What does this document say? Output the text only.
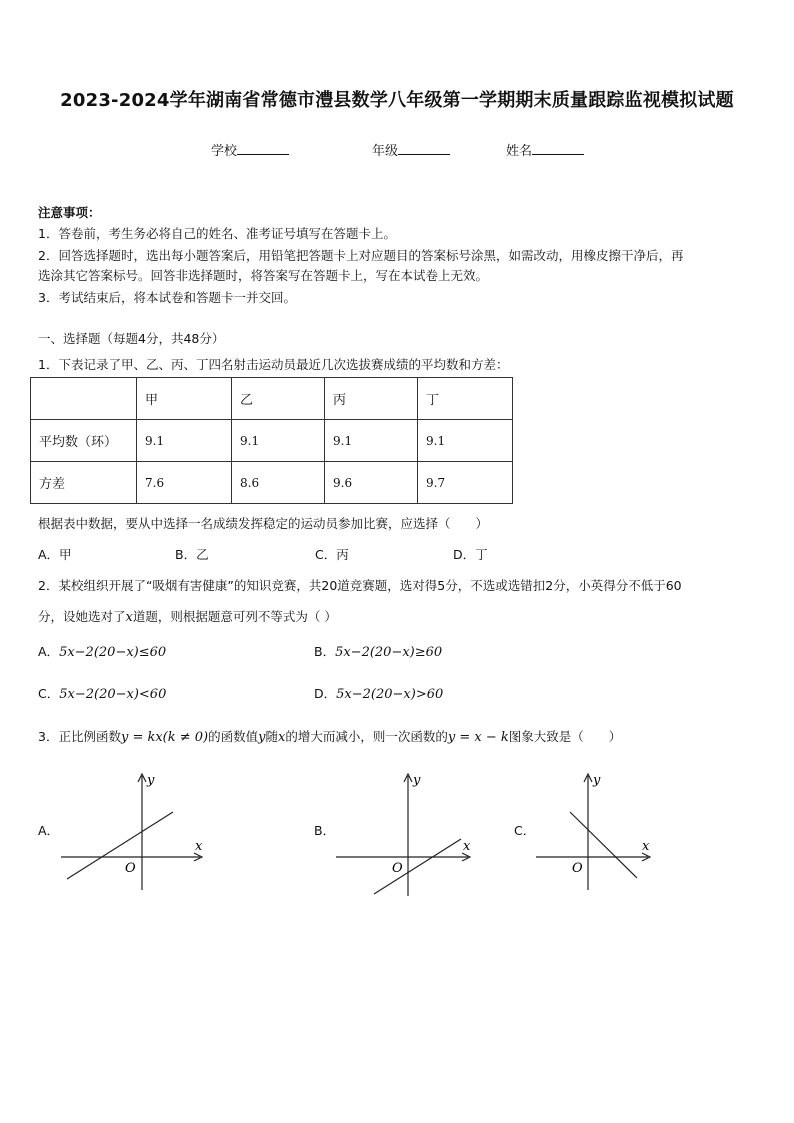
2023-2024学年湖南省常德市澧县数学八年级第一学期期末质量跟踪监视模拟试题
学校	年级	姓名
注意事项：
1．答卷前，考生务必将自己的姓名、准考证号填写在答题卡上。
2．回答选择题时，选出每小题答案后，用铅笔把答题卡上对应题目的答案标号涂黑，如需改动，用橡皮擦干净后，再
选涂其它答案标号。回答非选择题时，将答案写在答题卡上，写在本试卷上无效。
3．考试结束后，将本试卷和答题卡一并交回。
一、选择题（每题4分，共48分）
1．下表记录了甲、乙、丙、丁四名射击运动员最近几次选拔赛成绩的平均数和方差：
	甲	乙	丙	丁
平均数（环）	9.1	9.1	9.1	9.1
方差	7.6	8.6	9.6	9.7
根据表中数据，要从中选择一名成绩发挥稳定的运动员参加比赛，应选择（　　）
A．甲	B．乙	C．丙	D．丁
2．某校组织开展了“吸烟有害健康”的知识竞赛，共20道竞赛题，选对得5分，不选或选错扣2分，小英得分不低于60
分，设她选对了x道题，则根据题意可列不等式为（ ）
A．5x−2(20−x)≤60	B．5x−2(20−x)≥60
C．5x−2(20−x)<60	D．5x−2(20−x)>60
3．正比例函数y = kx(k ≠ 0)的函数值y随x的增大而减小，则一次函数的y = x − k图象大致是（　　）
A．	B．	C．
y
x
O
y
x
O
y
x
O
